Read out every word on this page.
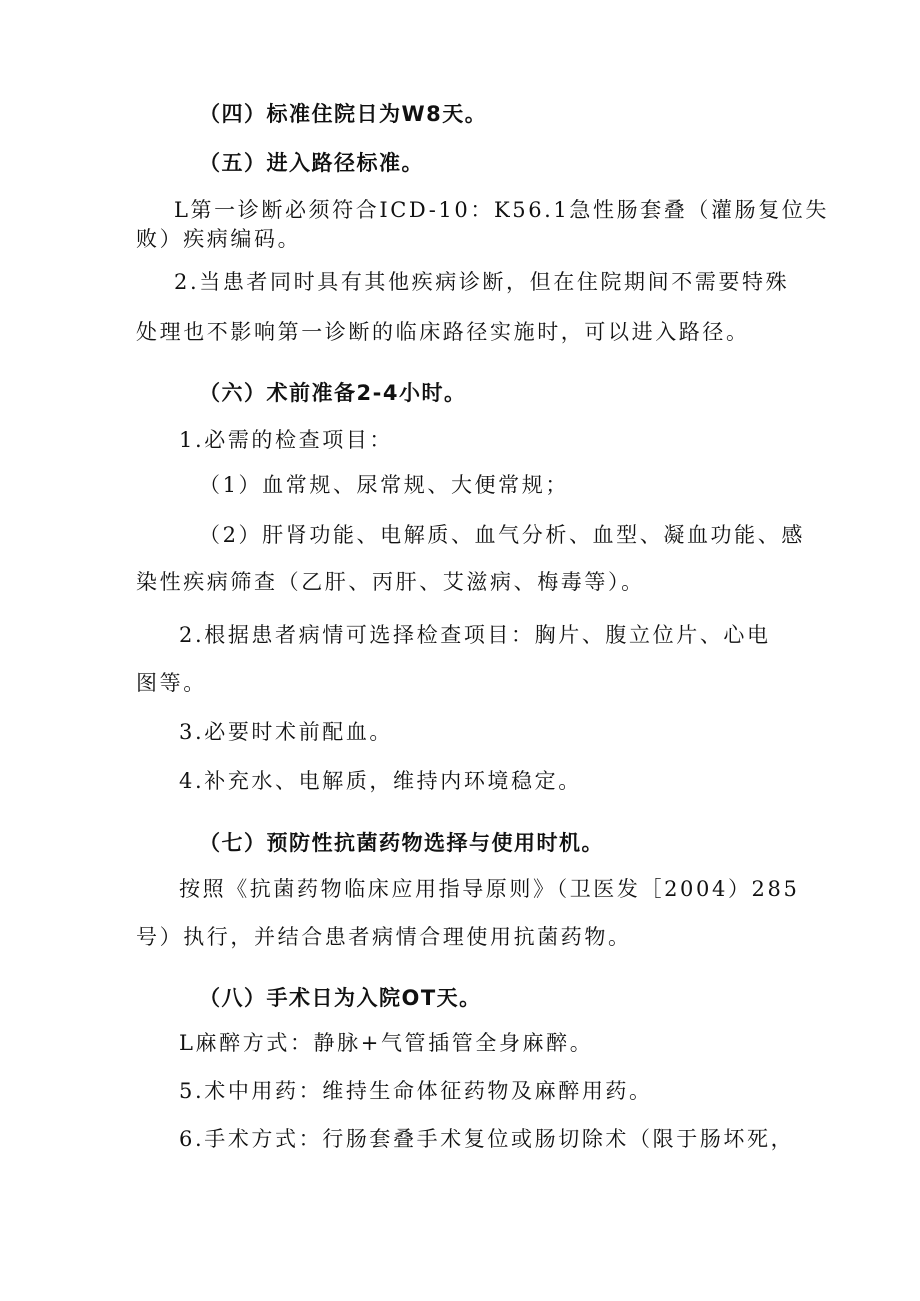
（四）标准住院日为W8天。
（五）进入路径标准。
L第一诊断必须符合ICD-10：K56.1急性肠套叠（灌肠复位失
败）疾病编码。
2.当患者同时具有其他疾病诊断，但在住院期间不需要特殊
处理也不影响第一诊断的临床路径实施时，可以进入路径。
（六）术前准备2-4小时。
1.必需的检查项目：
（1）血常规、尿常规、大便常规；
（2）肝肾功能、电解质、血气分析、血型、凝血功能、感
染性疾病筛查（乙肝、丙肝、艾滋病、梅毒等）。
2.根据患者病情可选择检查项目：胸片、腹立位片、心电
图等。
3.必要时术前配血。
4.补充水、电解质，维持内环境稳定。
（七）预防性抗菌药物选择与使用时机。
按照《抗菌药物临床应用指导原则》（卫医发［2004）285
号）执行，并结合患者病情合理使用抗菌药物。
（八）手术日为入院OT天。
L麻醉方式：静脉+气管插管全身麻醉。
5.术中用药：维持生命体征药物及麻醉用药。
6.手术方式：行肠套叠手术复位或肠切除术（限于肠坏死，
